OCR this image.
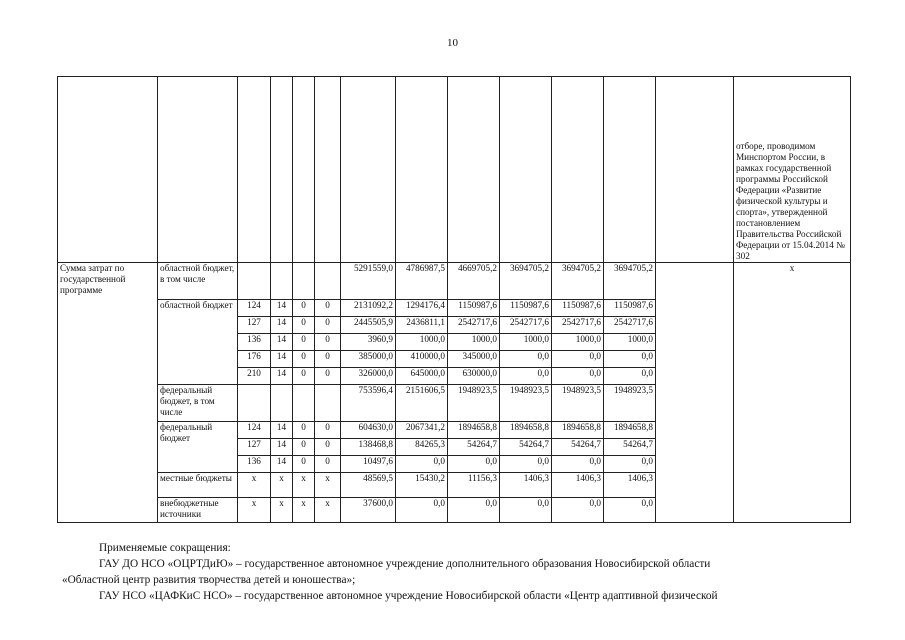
10
													отборе, проводимом Минспортом России, в рамках государственной программы Российской Федерации «Развитие физической культуры и спорта», утвержденной постановлением Правительства Российской Федерации от 15.04.2014 № 302
Сумма затрат по государственной программе	областной бюджет, в том числе					5291559,0	4786987,5	4669705,2	3694705,2	3694705,2	3694705,2		x
	областной бюджет	124	14	0	0	2131092,2	1294176,4	1150987,6	1150987,6	1150987,6	1150987,6		
		127	14	0	0	2445505,9	2436811,1	2542717,6	2542717,6	2542717,6	2542717,6		
		136	14	0	0	3960,9	1000,0	1000,0	1000,0	1000,0	1000,0		
		176	14	0	0	385000,0	410000,0	345000,0	0,0	0,0	0,0		
		210	14	0	0	326000,0	645000,0	630000,0	0,0	0,0	0,0		
	федеральный бюджет, в том числе					753596,4	2151606,5	1948923,5	1948923,5	1948923,5	1948923,5		
	федеральный бюджет	124	14	0	0	604630,0	2067341,2	1894658,8	1894658,8	1894658,8	1894658,8		
		127	14	0	0	138468,8	84265,3	54264,7	54264,7	54264,7	54264,7		
		136	14	0	0	10497,6	0,0	0,0	0,0	0,0	0,0		
	местные бюджеты	x	x	x	x	48569,5	15430,2	11156,3	1406,3	1406,3	1406,3		
	внебюджетные источники	x	x	x	x	37600,0	0,0	0,0	0,0	0,0	0,0		

Применяемые сокращения:

ГАУ ДО НСО «ОЦРТДиЮ» – государственное автономное учреждение дополнительного образования Новосибирской области

«Областной центр развития творчества детей и юношества»;

ГАУ НСО «ЦАФКиС НСО» – государственное автономное учреждение Новосибирской области «Центр адаптивной физической
